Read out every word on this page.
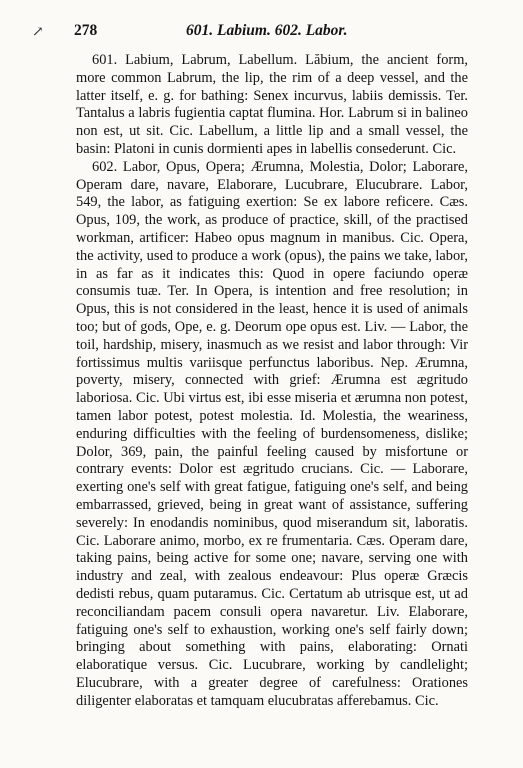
↗ 278	601. Labium. 602. Labor.

601. Labium, Labrum, Labellum. Lăbium, the ancient form, more common Labrum, the lip, the rim of a deep vessel, and the latter itself, e. g. for bathing: Senex incurvus, labiis demissis. Ter. Tantalus a labris fugientia captat flumina. Hor. Labrum si in balineo non est, ut sit. Cic. Labellum, a little lip and a small vessel, the basin: Platoni in cunis dormienti apes in labellis consederunt. Cic.

602. Labor, Opus, Opera; Ærumna, Molestia, Dolor; Laborare, Operam dare, navare, Elaborare, Lucubrare, Elucubrare. Labor, 549, the labor, as fatiguing exertion: Se ex labore reficere. Cæs. Opus, 109, the work, as produce of practice, skill, of the practised workman, artificer: Habeo opus magnum in manibus. Cic. Opera, the activity, used to produce a work (opus), the pains we take, labor, in as far as it indicates this: Quod in opere faciundo operæ consumis tuæ. Ter. In Opera, is intention and free resolution; in Opus, this is not considered in the least, hence it is used of animals too; but of gods, Ope, e. g. Deorum ope opus est. Liv. — Labor, the toil, hardship, misery, inasmuch as we resist and labor through: Vir fortissimus multis variisque perfunctus laboribus. Nep. Ærumna, poverty, misery, connected with grief: Ærumna est ægritudo laboriosa. Cic. Ubi virtus est, ibi esse miseria et ærumna non potest, tamen labor potest, potest molestia. Id. Molestia, the weariness, enduring difficulties with the feeling of burdensomeness, dislike; Dolor, 369, pain, the painful feeling caused by misfortune or contrary events: Dolor est ægritudo crucians. Cic. — Laborare, exerting one's self with great fatigue, fatiguing one's self, and being embarrassed, grieved, being in great want of assistance, suffering severely: In enodandis nominibus, quod miserandum sit, laboratis. Cic. Laborare animo, morbo, ex re frumentaria. Cæs. Operam dare, taking pains, being active for some one; navare, serving one with industry and zeal, with zealous endeavour: Plus operæ Græcis dedisti rebus, quam putaramus. Cic. Certatum ab utrisque est, ut ad reconciliandam pacem consuli opera navaretur. Liv. Elaborare, fatiguing one's self to exhaustion, working one's self fairly down; bringing about something with pains, elaborating: Ornati elaboratique versus. Cic. Lucubrare, working by candlelight; Elucubrare, with a greater degree of carefulness: Orationes diligenter elaboratas et tamquam elucubratas afferebamus. Cic.
